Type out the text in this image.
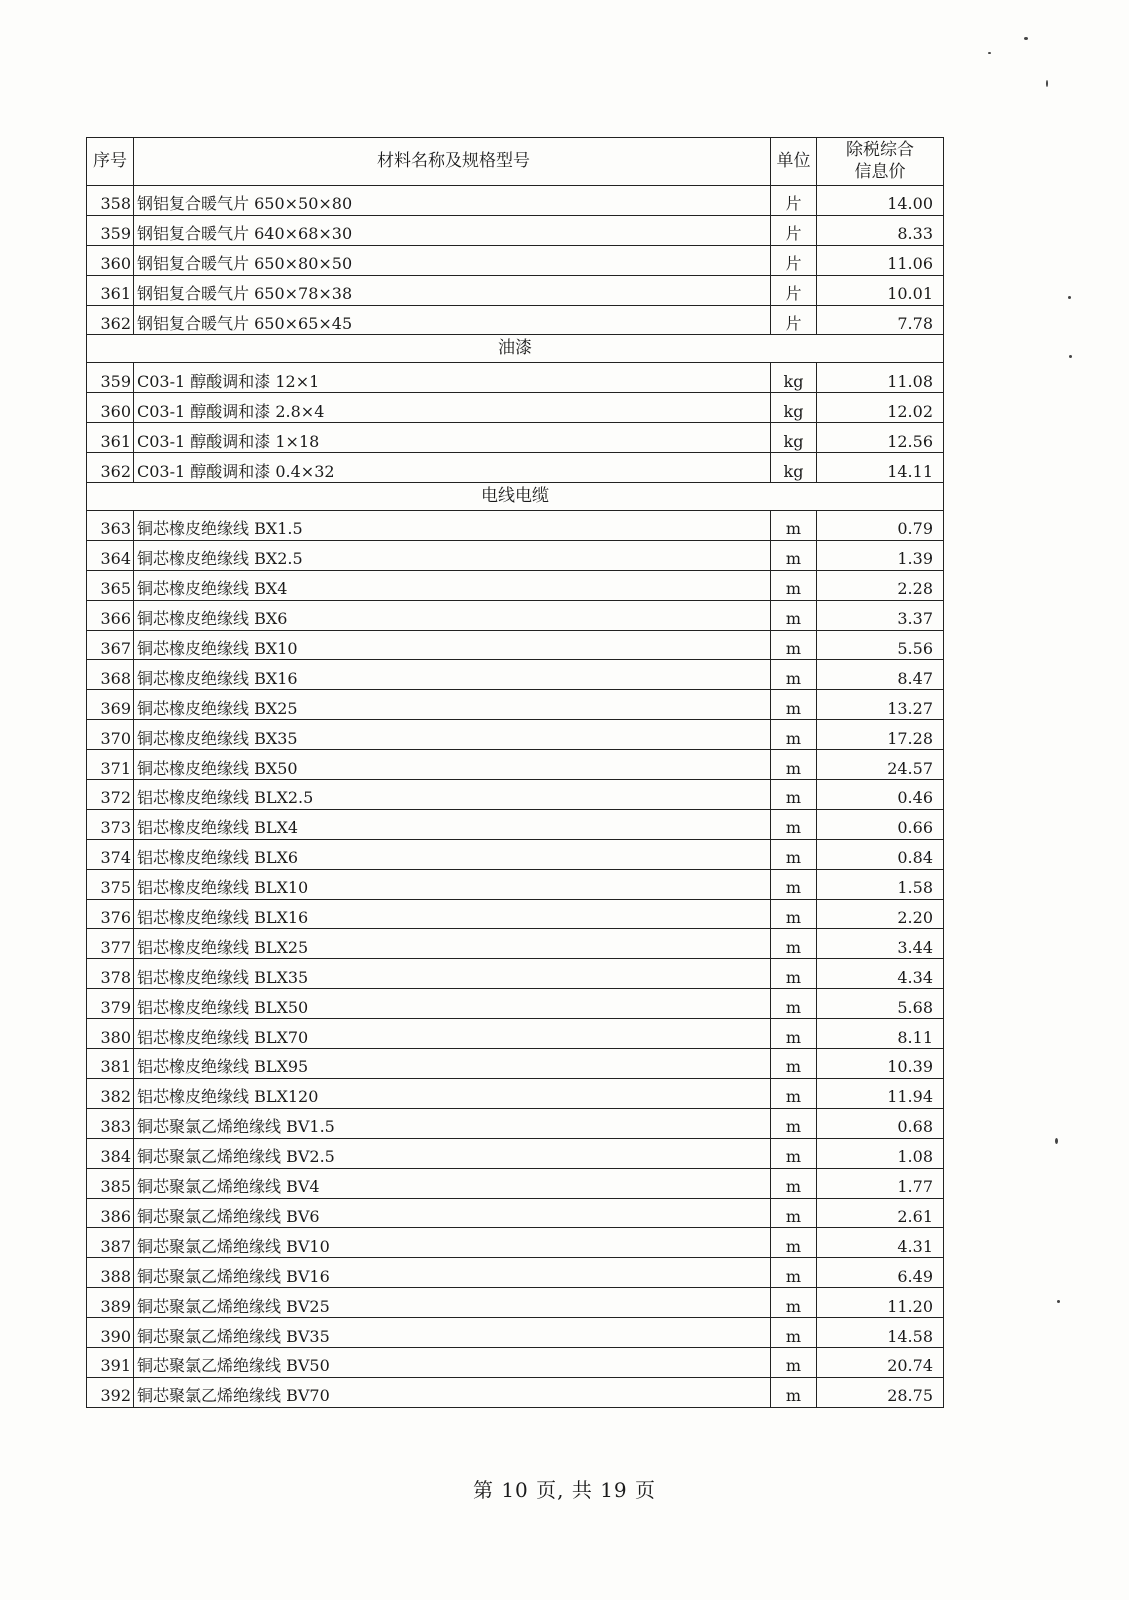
序号	材料名称及规格型号	单位	除税综合
信息价

358	钢铝复合暖气片 650×50×80	片	14.00
359	钢铝复合暖气片 640×68×30	片	8.33
360	钢铝复合暖气片 650×80×50	片	11.06
361	钢铝复合暖气片 650×78×38	片	10.01
362	钢铝复合暖气片 650×65×45	片	7.78
油漆			
359	C03-1 醇酸调和漆 12×1	kg	11.08
360	C03-1 醇酸调和漆 2.8×4	kg	12.02
361	C03-1 醇酸调和漆 1×18	kg	12.56
362	C03-1 醇酸调和漆 0.4×32	kg	14.11
电线电缆			
363	铜芯橡皮绝缘线 BX1.5	m	0.79
364	铜芯橡皮绝缘线 BX2.5	m	1.39
365	铜芯橡皮绝缘线 BX4	m	2.28
366	铜芯橡皮绝缘线 BX6	m	3.37
367	铜芯橡皮绝缘线 BX10	m	5.56
368	铜芯橡皮绝缘线 BX16	m	8.47
369	铜芯橡皮绝缘线 BX25	m	13.27
370	铜芯橡皮绝缘线 BX35	m	17.28
371	铜芯橡皮绝缘线 BX50	m	24.57
372	铝芯橡皮绝缘线 BLX2.5	m	0.46
373	铝芯橡皮绝缘线 BLX4	m	0.66
374	铝芯橡皮绝缘线 BLX6	m	0.84
375	铝芯橡皮绝缘线 BLX10	m	1.58
376	铝芯橡皮绝缘线 BLX16	m	2.20
377	铝芯橡皮绝缘线 BLX25	m	3.44
378	铝芯橡皮绝缘线 BLX35	m	4.34
379	铝芯橡皮绝缘线 BLX50	m	5.68
380	铝芯橡皮绝缘线 BLX70	m	8.11
381	铝芯橡皮绝缘线 BLX95	m	10.39
382	铝芯橡皮绝缘线 BLX120	m	11.94
383	铜芯聚氯乙烯绝缘线 BV1.5	m	0.68
384	铜芯聚氯乙烯绝缘线 BV2.5	m	1.08
385	铜芯聚氯乙烯绝缘线 BV4	m	1.77
386	铜芯聚氯乙烯绝缘线 BV6	m	2.61
387	铜芯聚氯乙烯绝缘线 BV10	m	4.31
388	铜芯聚氯乙烯绝缘线 BV16	m	6.49
389	铜芯聚氯乙烯绝缘线 BV25	m	11.20
390	铜芯聚氯乙烯绝缘线 BV35	m	14.58
391	铜芯聚氯乙烯绝缘线 BV50	m	20.74
392	铜芯聚氯乙烯绝缘线 BV70	m	28.75
第 10 页, 共 19 页
